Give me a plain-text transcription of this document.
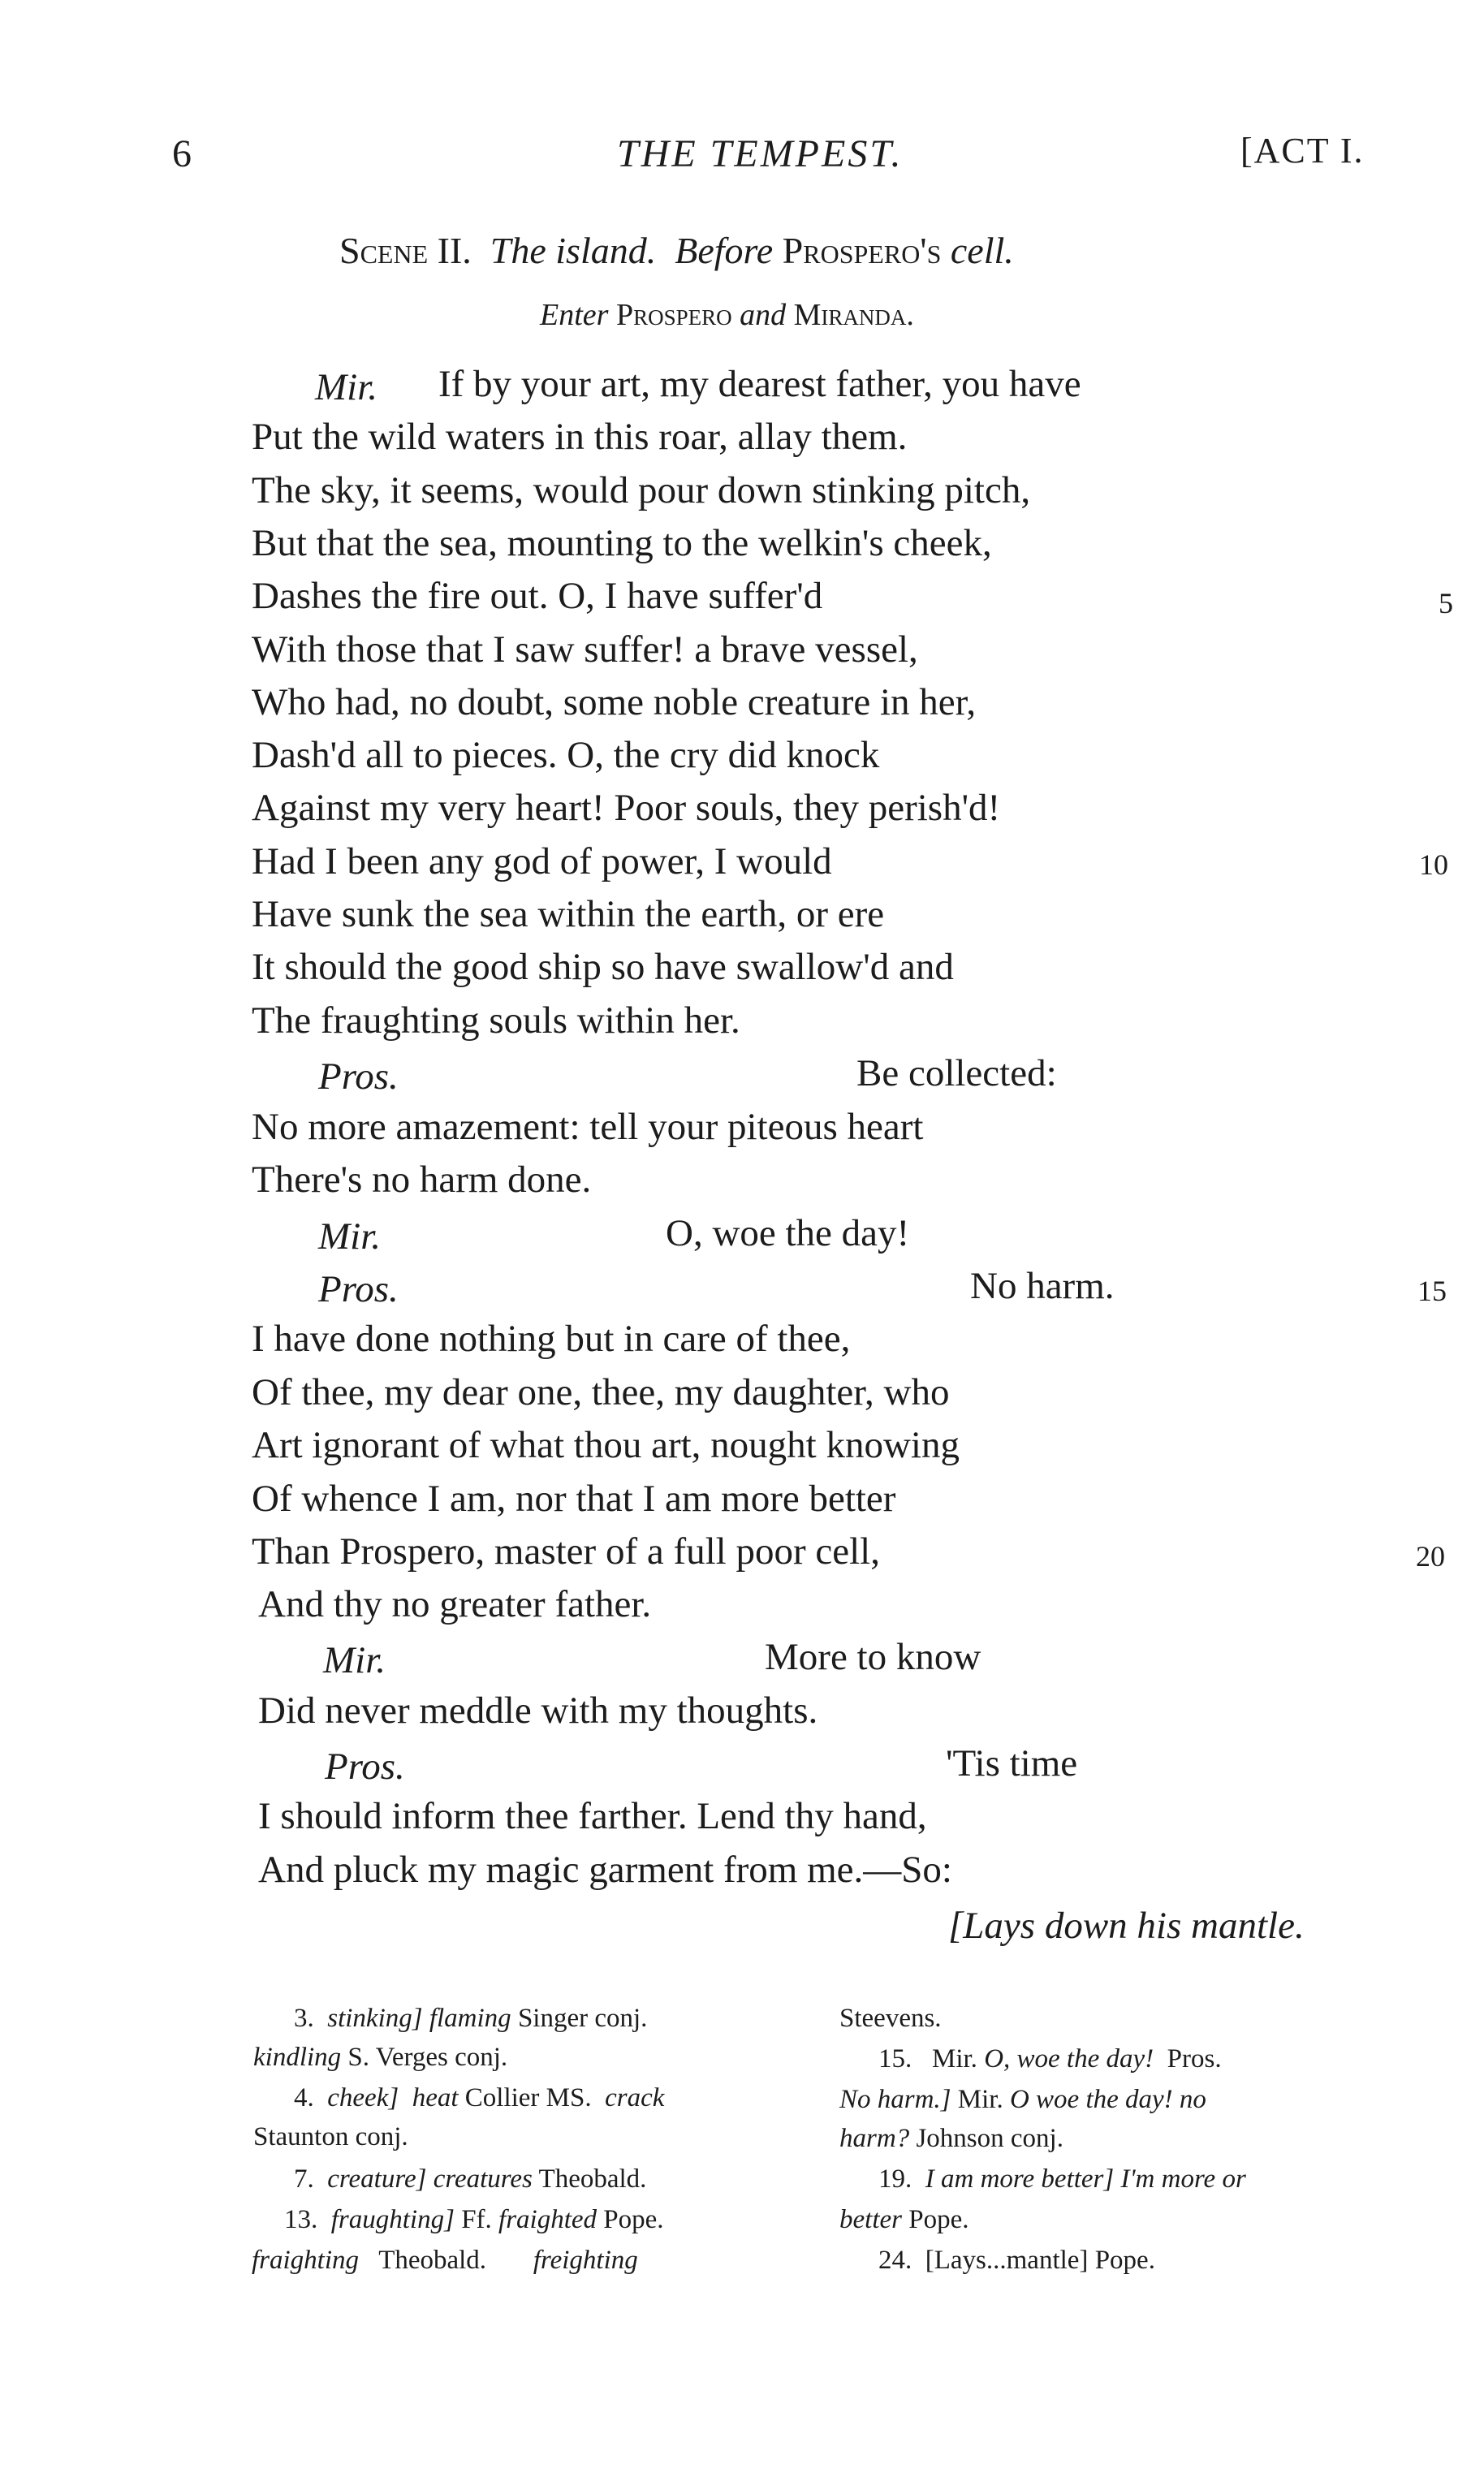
6	THE TEMPEST.	[ACT I.
Scene II. The island. Before Prospero's cell.
Enter Prospero and Miranda.
Mir. If by your art, my dearest father, you have
Put the wild waters in this roar, allay them.
The sky, it seems, would pour down stinking pitch,
But that the sea, mounting to the welkin's cheek,
Dashes the fire out. O, I have suffer'd
With those that I saw suffer! a brave vessel,
Who had, no doubt, some noble creature in her,
Dash'd all to pieces. O, the cry did knock
Against my very heart! Poor souls, they perish'd!
Had I been any god of power, I would
Have sunk the sea within the earth, or ere
It should the good ship so have swallow'd and
The fraughting souls within her.
Pros.	Be collected:
No more amazement: tell your piteous heart
There's no harm done.
Mir.	O, woe the day!
Pros.	No harm.
I have done nothing but in care of thee,
Of thee, my dear one, thee, my daughter, who
Art ignorant of what thou art, nought knowing
Of whence I am, nor that I am more better
Than Prospero, master of a full poor cell,
And thy no greater father.
Mir.	More to know
Did never meddle with my thoughts.
Pros.	'Tis time
I should inform thee farther. Lend thy hand,
And pluck my magic garment from me.—So:
[Lays down his mantle.
5
10
15
20
3. stinking] flaming Singer conj.
kindling S. Verges conj.
4. cheek] heat Collier MS. crack
Staunton conj.
7. creature] creatures Theobald.
13. fraughting] Ff. fraighted Pope.
fraighting Theobald. freighting
Steevens.
15. Mir. O, woe the day! Pros.
No harm.] Mir. O woe the day! no
harm? Johnson conj.
19. I am more better] I'm more or
better Pope.
24. [Lays...mantle] Pope.
